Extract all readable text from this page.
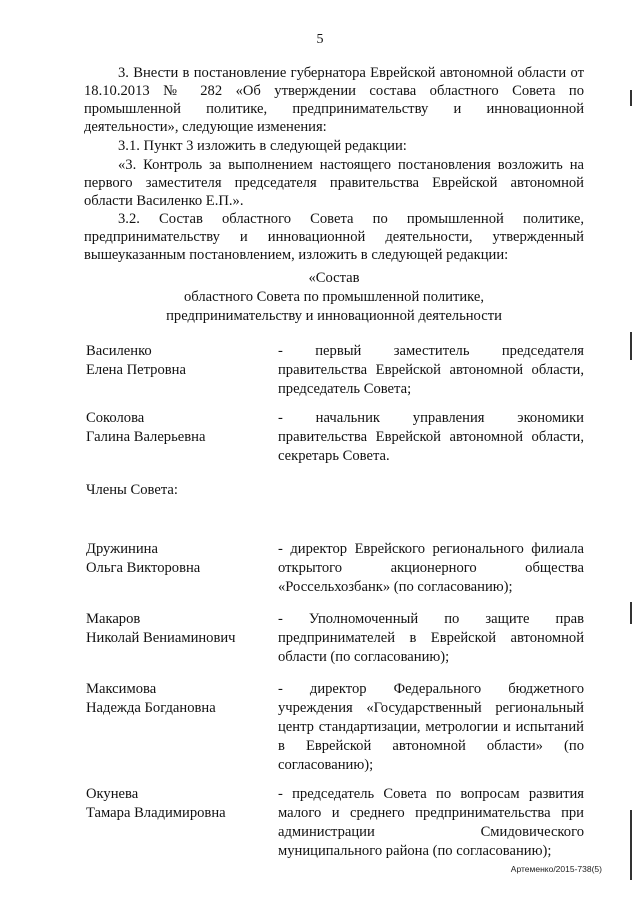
5
3. Внести в постановление губернатора Еврейской автономной области от 18.10.2013 № 282 «Об утверждении состава областного Совета по промышленной политике, предпринимательству и инновационной деятельности», следующие изменения:
3.1. Пункт 3 изложить в следующей редакции:
«3. Контроль за выполнением настоящего постановления возложить на первого заместителя председателя правительства Еврейской автономной области Василенко Е.П.».
3.2. Состав областного Совета по промышленной политике, предпринимательству и инновационной деятельности, утвержденный вышеуказанным постановлением, изложить в следующей редакции:
«Состав
областного Совета по промышленной политике,
предпринимательству и инновационной деятельности
Василенко
Елена Петровна
- первый заместитель председателя правительства Еврейской автономной области, председатель Совета;
Соколова
Галина Валерьевна
- начальник управления экономики правительства Еврейской автономной области, секретарь Совета.
Члены Совета:
Дружинина
Ольга Викторовна
- директор Еврейского регионального филиала открытого акционерного общества «Россельхозбанк» (по согласованию);
Макаров
Николай Вениаминович
- Уполномоченный по защите прав предпринимателей в Еврейской автономной области (по согласованию);
Максимова
Надежда Богдановна
- директор Федерального бюджетного учреждения «Государственный региональный центр стандартизации, метрологии и испытаний в Еврейской автономной области» (по согласованию);
Окунева
Тамара Владимировна
- председатель Совета по вопросам развития малого и среднего предпринимательства при администрации Смидовического муниципального района (по согласованию);
Артеменко/2015-738(5)
